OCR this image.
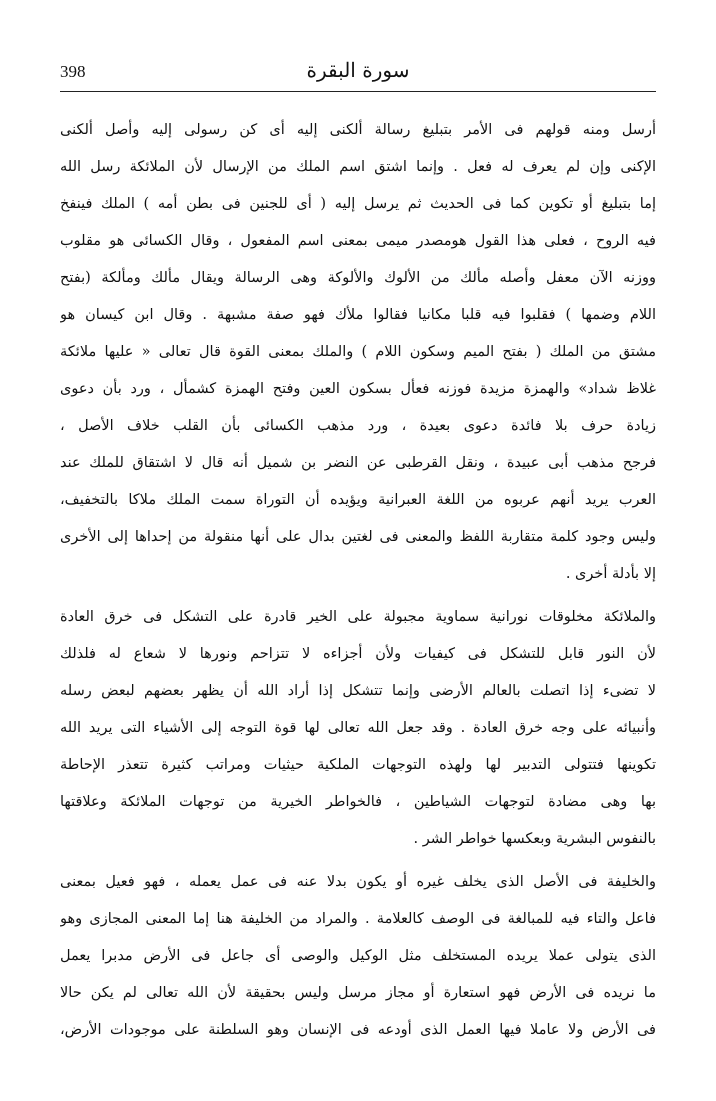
398	سورة البقرة
أرسل ومنه قولهم فى الأمر بتبليغ رسالة ألكنى إليه أى كن رسولى إليه وأصل ألكنى
الإكنى وإن لم يعرف له فعل . وإنما اشتق اسم الملك من الإرسال لأن الملائكة رسل الله
إما بتبليغ أو تكوين كما فى الحديث ثم يرسل إليه ( أى للجنين فى بطن أمه ) الملك فينفخ
فيه الروح ، فعلى هذا القول هومصدر ميمى بمعنى اسم المفعول ، وقال الكسائى هو مقلوب
ووزنه الآن معفل وأصله مألك من الألوك والألوكة وهى الرسالة ويقال مألك ومألكة (بفتح
اللام وضمها ) فقلبوا فيه قلبا مكانيا فقالوا ملأك فهو صفة مشبهة . وقال ابن كيسان هو
مشتق من الملك ( بفتح الميم وسكون اللام ) والملك بمعنى القوة قال تعالى « عليها ملائكة
غلاظ شداد» والهمزة مزيدة فوزنه فعأل بسكون العين وفتح الهمزة كشمأل ، ورد بأن دعوى
زيادة حرف بلا فائدة دعوى بعيدة ، ورد مذهب الكسائى بأن القلب خلاف الأصل ،
فرجح مذهب أبى عبيدة ، ونقل القرطبى عن النضر بن شميل أنه قال لا اشتقاق للملك عند
العرب يريد أنهم عربوه من اللغة العبرانية ويؤيده أن التوراة سمت الملك ملاكا بالتخفيف،
وليس وجود كلمة متقاربة اللفظ والمعنى فى لغتين بدال على أنها منقولة من إحداها إلى الأخرى
إلا بأدلة أخرى .
والملائكة مخلوقات نورانية سماوية مجبولة على الخير قادرة على التشكل فى خرق العادة
لأن النور قابل للتشكل فى كيفيات ولأن أجزاءه لا تتزاحم ونورها لا شعاع له فلذلك
لا تضىء إذا اتصلت بالعالم الأرضى وإنما تتشكل إذا أراد الله أن يظهر بعضهم لبعض رسله
وأنبيائه على وجه خرق العادة . وقد جعل الله تعالى لها قوة التوجه إلى الأشياء التى يريد الله
تكوينها فتتولى التدبير لها ولهذه التوجهات الملكية حيثيات ومراتب كثيرة تتعذر الإحاطة
بها وهى مضادة لتوجهات الشياطين ، فالخواطر الخيرية من توجهات الملائكة وعلاقتها
بالنفوس البشرية وبعكسها خواطر الشر .
والخليفة فى الأصل الذى يخلف غيره أو يكون بدلا عنه فى عمل يعمله ، فهو فعيل بمعنى
فاعل والتاء فيه للمبالغة فى الوصف كالعلامة . والمراد من الخليفة هنا إما المعنى المجازى وهو
الذى يتولى عملا يريده المستخلف مثل الوكيل والوصى أى جاعل فى الأرض مدبرا يعمل
ما نريده فى الأرض فهو استعارة أو مجاز مرسل وليس بحقيقة لأن الله تعالى لم يكن حالا
فى الأرض ولا عاملا فيها العمل الذى أودعه فى الإنسان وهو السلطنة على موجودات الأرض،
